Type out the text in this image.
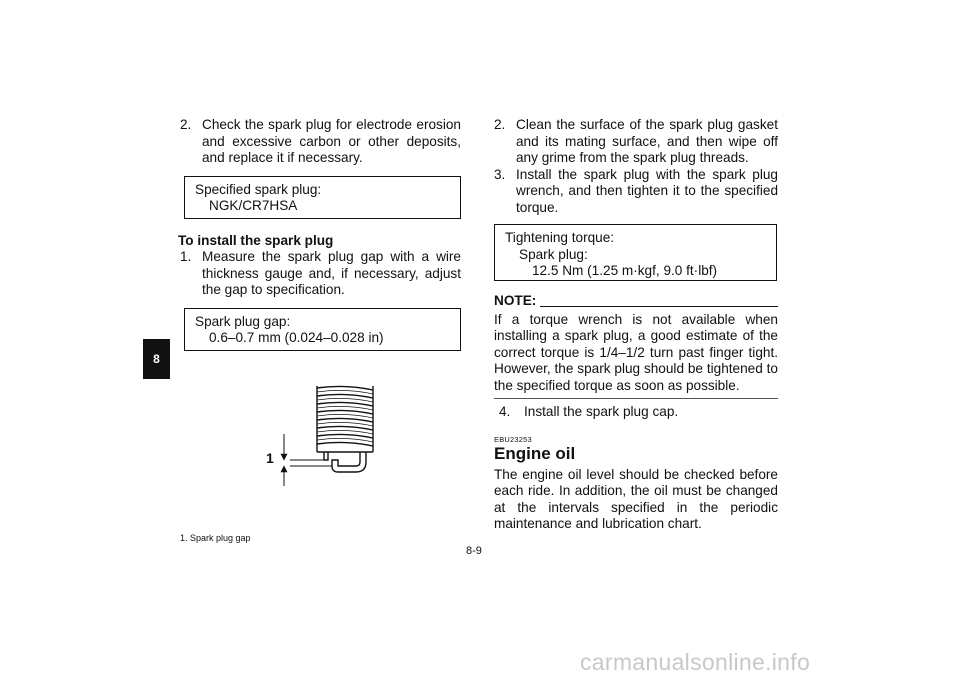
8
2. Check the spark plug for electrode erosion and excessive carbon or other deposits, and replace it if necessary.
Specified spark plug:
NGK/CR7HSA
To install the spark plug
1. Measure the spark plug gap with a wire thickness gauge and, if necessary, adjust the gap to specification.
Spark plug gap:
0.6–0.7 mm (0.024–0.028 in)
1
1. Spark plug gap
2. Clean the surface of the spark plug gasket and its mating surface, and then wipe off any grime from the spark plug threads.
3. Install the spark plug with the spark plug wrench, and then tighten it to the specified torque.
Tightening torque:
Spark plug:
12.5 Nm (1.25 m·kgf, 9.0 ft·lbf)
NOTE:
If a torque wrench is not available when installing a spark plug, a good estimate of the correct torque is 1/4–1/2 turn past finger tight. However, the spark plug should be tightened to the specified torque as soon as possible.
4.	Install the spark plug cap.
EBU23253
Engine oil
The engine oil level should be checked before each ride. In addition, the oil must be changed at the intervals specified in the periodic maintenance and lubrication chart.
8-9
carmanualsonline.info
